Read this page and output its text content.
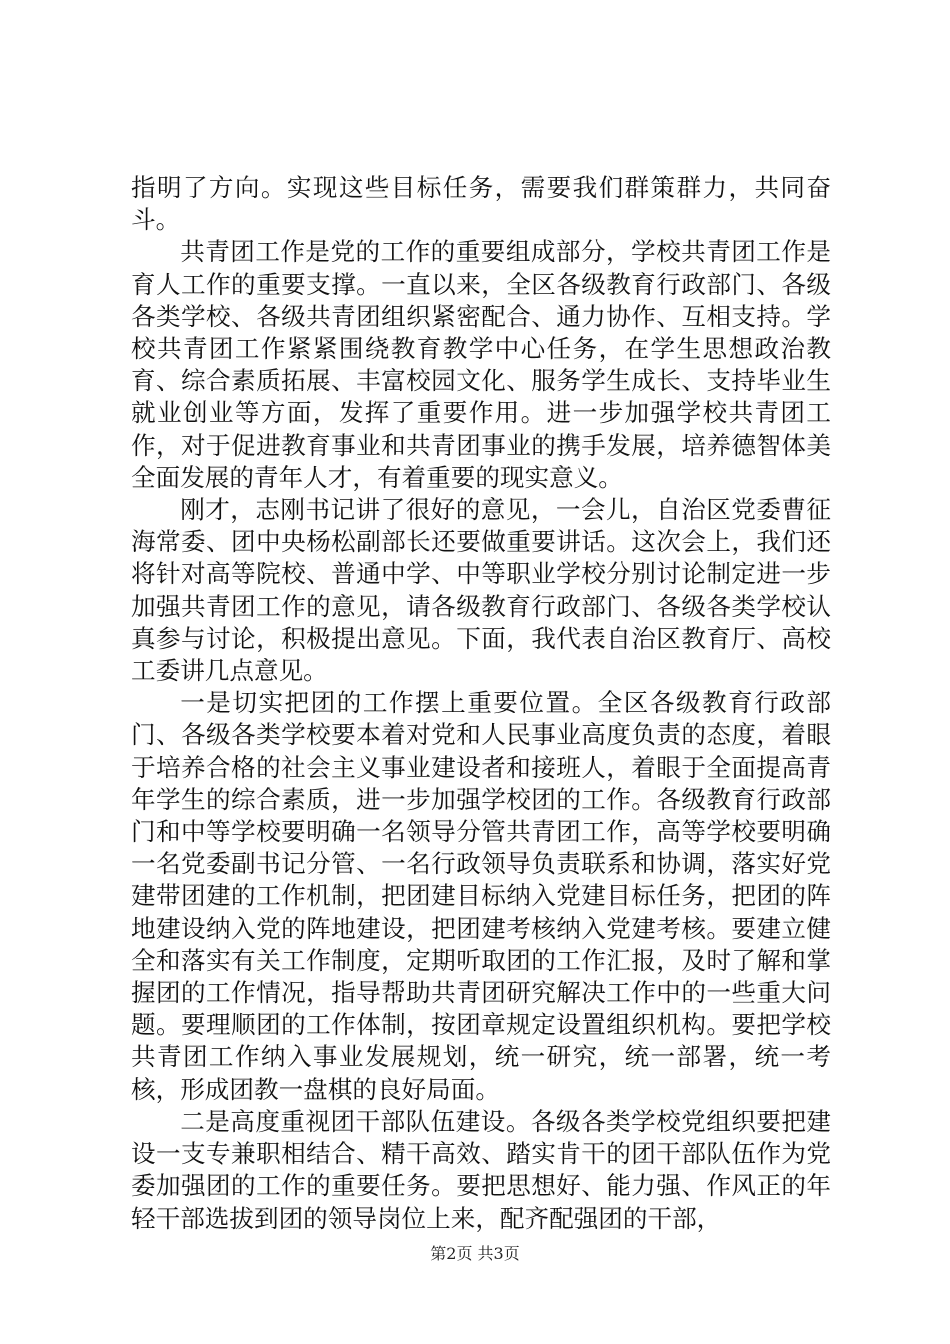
指明了方向。实现这些目标任务，需要我们群策群力，共同奋斗。

共青团工作是党的工作的重要组成部分，学校共青团工作是育人工作的重要支撑。一直以来，全区各级教育行政部门、各级各类学校、各级共青团组织紧密配合、通力协作、互相支持。学校共青团工作紧紧围绕教育教学中心任务，在学生思想政治教育、综合素质拓展、丰富校园文化、服务学生成长、支持毕业生就业创业等方面，发挥了重要作用。进一步加强学校共青团工作，对于促进教育事业和共青团事业的携手发展，培养德智体美全面发展的青年人才，有着重要的现实意义。

刚才，志刚书记讲了很好的意见，一会儿，自治区党委曹征海常委、团中央杨松副部长还要做重要讲话。这次会上，我们还将针对高等院校、普通中学、中等职业学校分别讨论制定进一步加强共青团工作的意见，请各级教育行政部门、各级各类学校认真参与讨论，积极提出意见。下面，我代表自治区教育厅、高校工委讲几点意见。

一是切实把团的工作摆上重要位置。全区各级教育行政部门、各级各类学校要本着对党和人民事业高度负责的态度，着眼于培养合格的社会主义事业建设者和接班人，着眼于全面提高青年学生的综合素质，进一步加强学校团的工作。各级教育行政部门和中等学校要明确一名领导分管共青团工作，高等学校要明确一名党委副书记分管、一名行政领导负责联系和协调，落实好党建带团建的工作机制，把团建目标纳入党建目标任务，把团的阵地建设纳入党的阵地建设，把团建考核纳入党建考核。要建立健全和落实有关工作制度，定期听取团的工作汇报，及时了解和掌握团的工作情况，指导帮助共青团研究解决工作中的一些重大问题。要理顺团的工作体制，按团章规定设置组织机构。要把学校共青团工作纳入事业发展规划，统一研究，统一部署，统一考核，形成团教一盘棋的良好局面。

二是高度重视团干部队伍建设。各级各类学校党组织要把建设一支专兼职相结合、精干高效、踏实肯干的团干部队伍作为党委加强团的工作的重要任务。要把思想好、能力强、作风正的年轻干部选拔到团的领导岗位上来，配齐配强团的干部，

第2页 共3页
